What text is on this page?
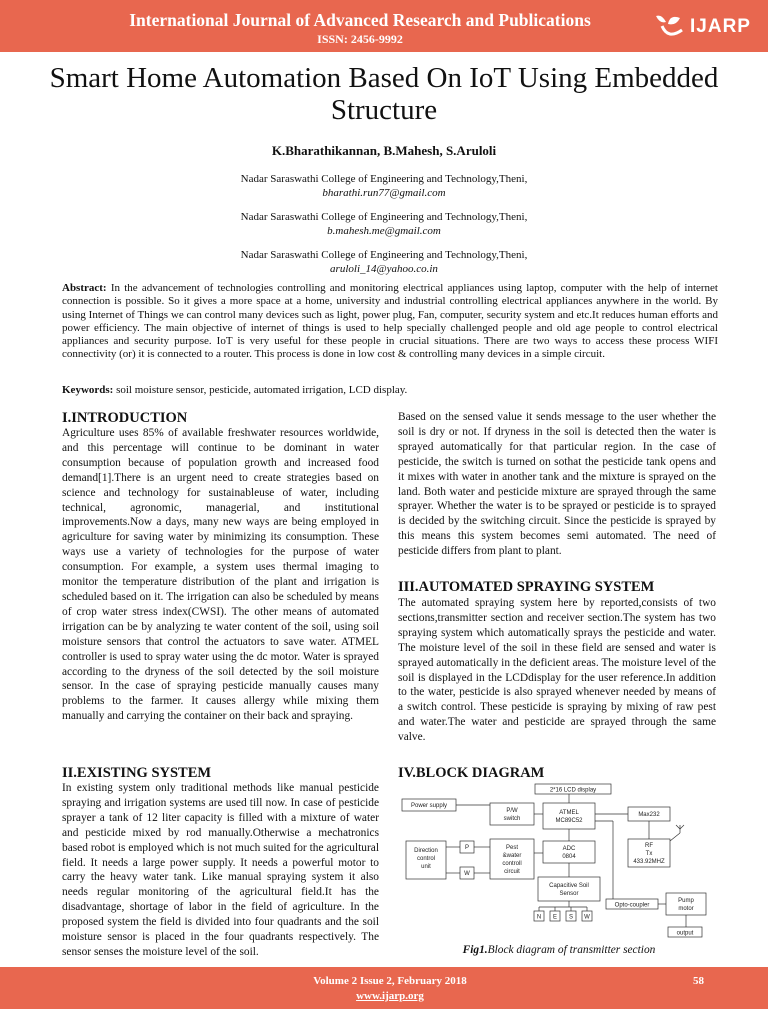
International Journal of Advanced Research and Publications
ISSN: 2456-9992
IJARP
Smart Home Automation Based On IoT Using Embedded Structure
K.Bharathikannan, B.Mahesh, S.Aruloli
Nadar Saraswathi College of Engineering and Technology,Theni,
bharathi.run77@gmail.com
Nadar Saraswathi College of Engineering and Technology,Theni,
b.mahesh.me@gmail.com
Nadar Saraswathi College of Engineering and Technology,Theni,
aruloli_14@yahoo.co.in
Abstract: In the advancement of technologies controlling and monitoring electrical appliances using laptop, computer with the help of internet connection is possible. So it gives a more space at a home, university and industrial controlling electrical appliances anywhere in the world. By using Internet of Things we can control many devices such as light, power plug, Fan, computer, security system and etc.It reduces human efforts and power efficiency. The main objective of internet of things is used to help specially challenged people and old age people to control electrical appliances and security purpose. IoT is very useful for these people in crucial situations. There are two ways to access these process WIFI connectivity (or) it is connected to a router. This process is done in low cost & controlling many devices in a simple circuit.
Keywords: soil moisture sensor, pesticide, automated irrigation, LCD display.
I.INTRODUCTION

Agriculture uses 85% of available freshwater resources worldwide, and this percentage will continue to be dominant in water consumption because of population growth and increased food demand[1].There is an urgent need to create strategies based on science and technology for sustainableuse of water, including technical, agronomic, managerial, and institutional improvements.Now a days, many new ways are being employed in agriculture for saving water by minimizing its consumption. These ways use a variety of technologies for the purpose of water consumption. For example, a system uses thermal imaging to monitor the temperature distribution of the plant and irrigation is scheduled based on it. The irrigation can also be scheduled by means of crop water stress index(CWSI). The other means of automated irrigation can be by analyzing te water content of the soil, using soil moisture sensors that control the actuators to save water. ATMEL controller is used to spray water using the dc motor. Water is sprayed according to the dryness of the soil detected by the soil moisture sensor. In the case of spraying pesticide manually causes many problems to the farmer. It causes allergy while mixing them manually and carrying the container on their back and spraying.

II.EXISTING SYSTEM

In existing system only traditional methods like manual pesticide spraying and irrigation systems are used till now. In case of pesticide sprayer a tank of 12 liter capacity is filled with a mixture of water and pesticide mixed by rod manually.Otherwise a mechatronics based robot is employed which is not much suited for the agricultural field. It needs a large power supply. It needs a powerful motor to carry the heavy water tank. Like manual spraying system it also needs regular monitoring of the agricultural field.It has the disadvantage, shortage of labor in the field of agriculture. In the proposed system the field is divided into four quadrants and the soil moisture sensor is placed in the four quadrants respectively. The sensor senses the moisture level of the soil.

Based on the sensed value it sends message to the user whether the soil is dry or not. If dryness in the soil is detected then the water is sprayed automatically for that particular region. In the case of pesticide, the switch is turned on sothat the pesticide tank opens and it mixes with water in another tank and the mixture is sprayed on the land. Both water and pesticide mixture are sprayed through the same sprayer. Whether the water is to be sprayed or pesticide is to sprayed is decided by the switching circuit. Since the pesticide is sprayed by this means this system becomes semi automated. The need of pesticide differs from plant to plant.

III.AUTOMATED SPRAYING SYSTEM

The automated spraying system here by reported,consists of two sections,transmitter section and receiver section.The system has two spraying system which automatically sprays the pesticide and water. The moisture level of the soil in these field are sensed and water is sprayed automatically in the deficient areas. The moisture level of the soil is displayed in the LCDdisplay for the user reference.In addition to the water, pesticide is also sprayed whenever needed by means of a switch control. These pesticide is spraying by mixing of raw pest and water.The water and pesticide are sprayed through the same valve.

IV.BLOCK DIAGRAM
2*16 LCD display
Power supply
P/W
switch
ATMEL
MC89C52
Max232
ADC
0804
RF
Tx
433.92MHZ
Direction
control
unit
P
W
Pest
&water
controll
circuit
Capacitive Soil
Sensor
N E S W
Opto-coupler
Pump
motor
output
Fig1.Block diagram of transmitter section
Volume 2 Issue 2, February 2018
www.ijarp.org
58
